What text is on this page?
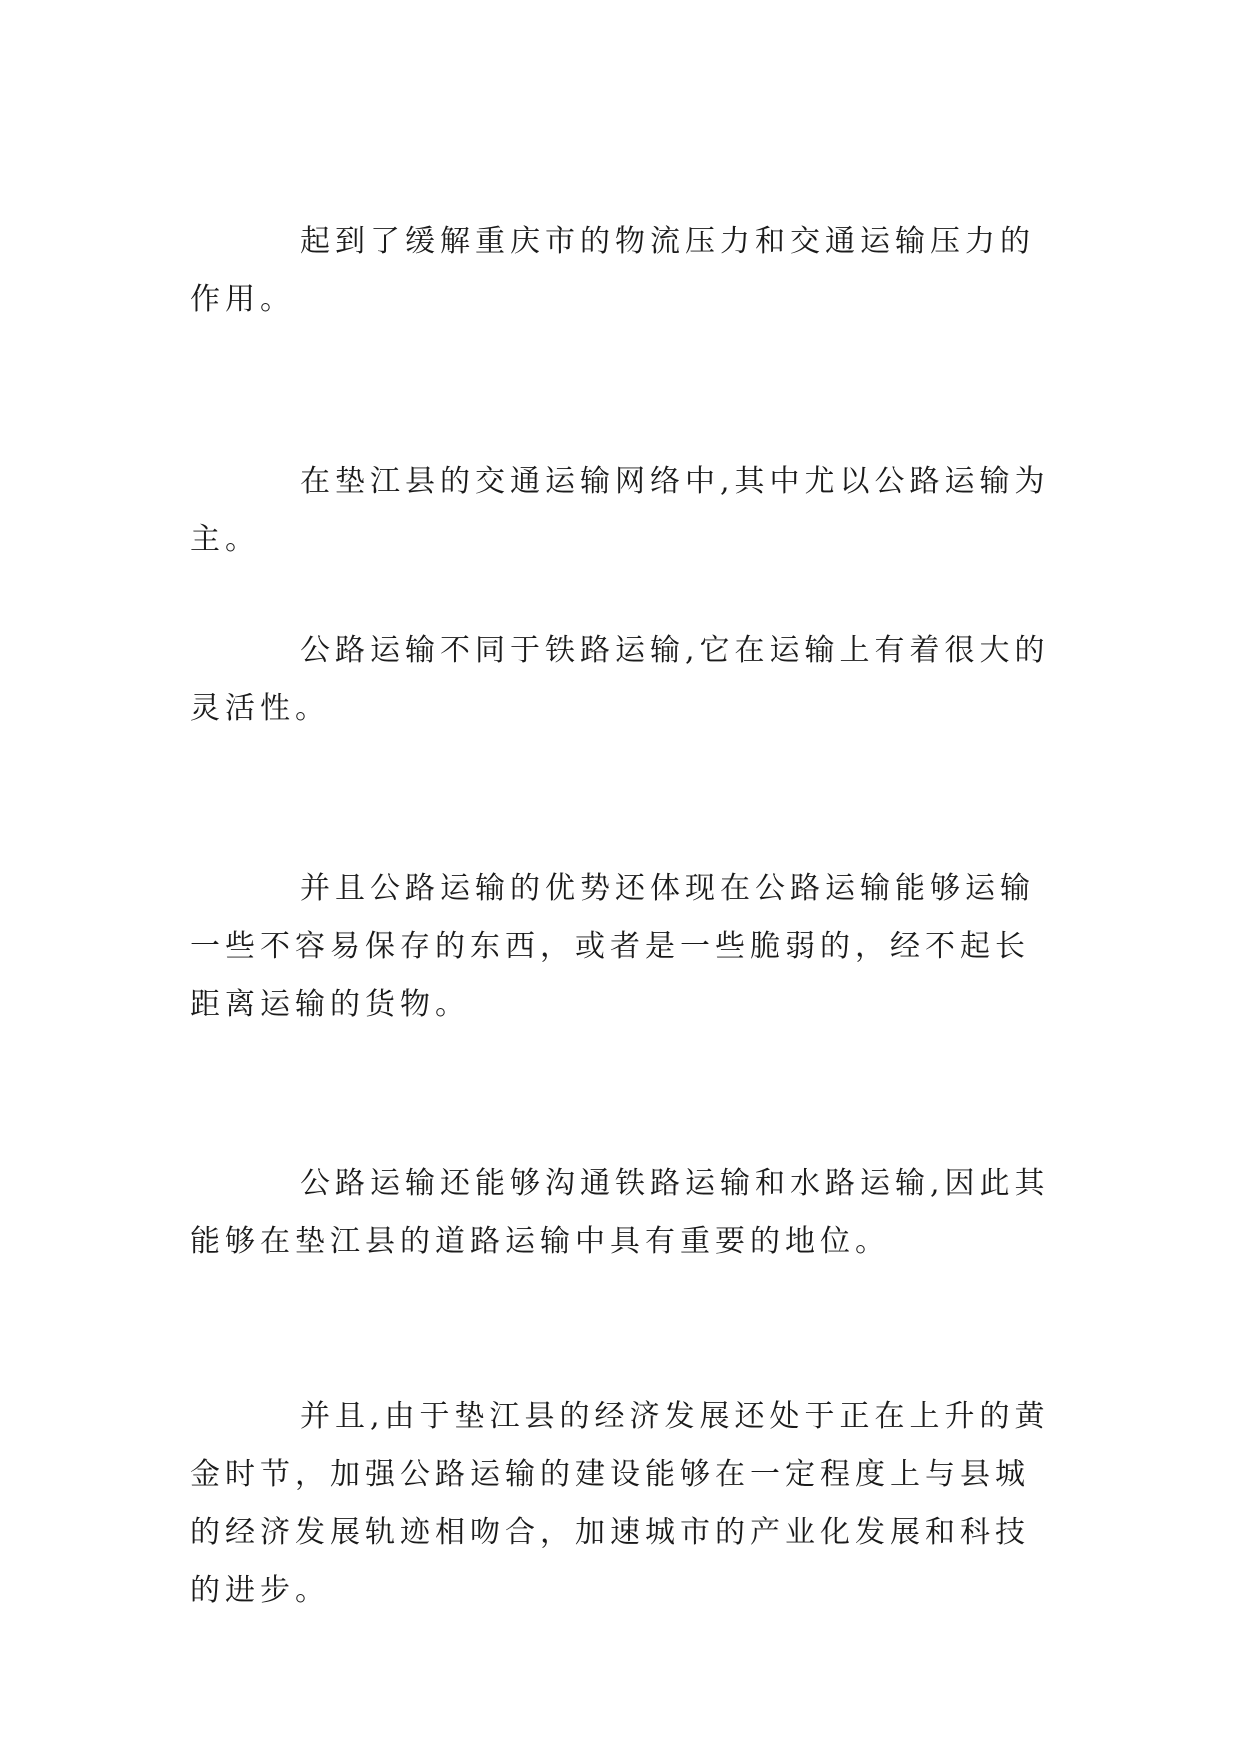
起到了缓解重庆市的物流压力和交通运输压力的作用。

在垫江县的交通运输网络中,其中尤以公路运输为主。

公路运输不同于铁路运输,它在运输上有着很大的灵活性。

并且公路运输的优势还体现在公路运输能够运输一些不容易保存的东西，或者是一些脆弱的，经不起长距离运输的货物。

公路运输还能够沟通铁路运输和水路运输,因此其能够在垫江县的道路运输中具有重要的地位。

并且,由于垫江县的经济发展还处于正在上升的黄金时节，加强公路运输的建设能够在一定程度上与县城的经济发展轨迹相吻合，加速城市的产业化发展和科技的进步。
